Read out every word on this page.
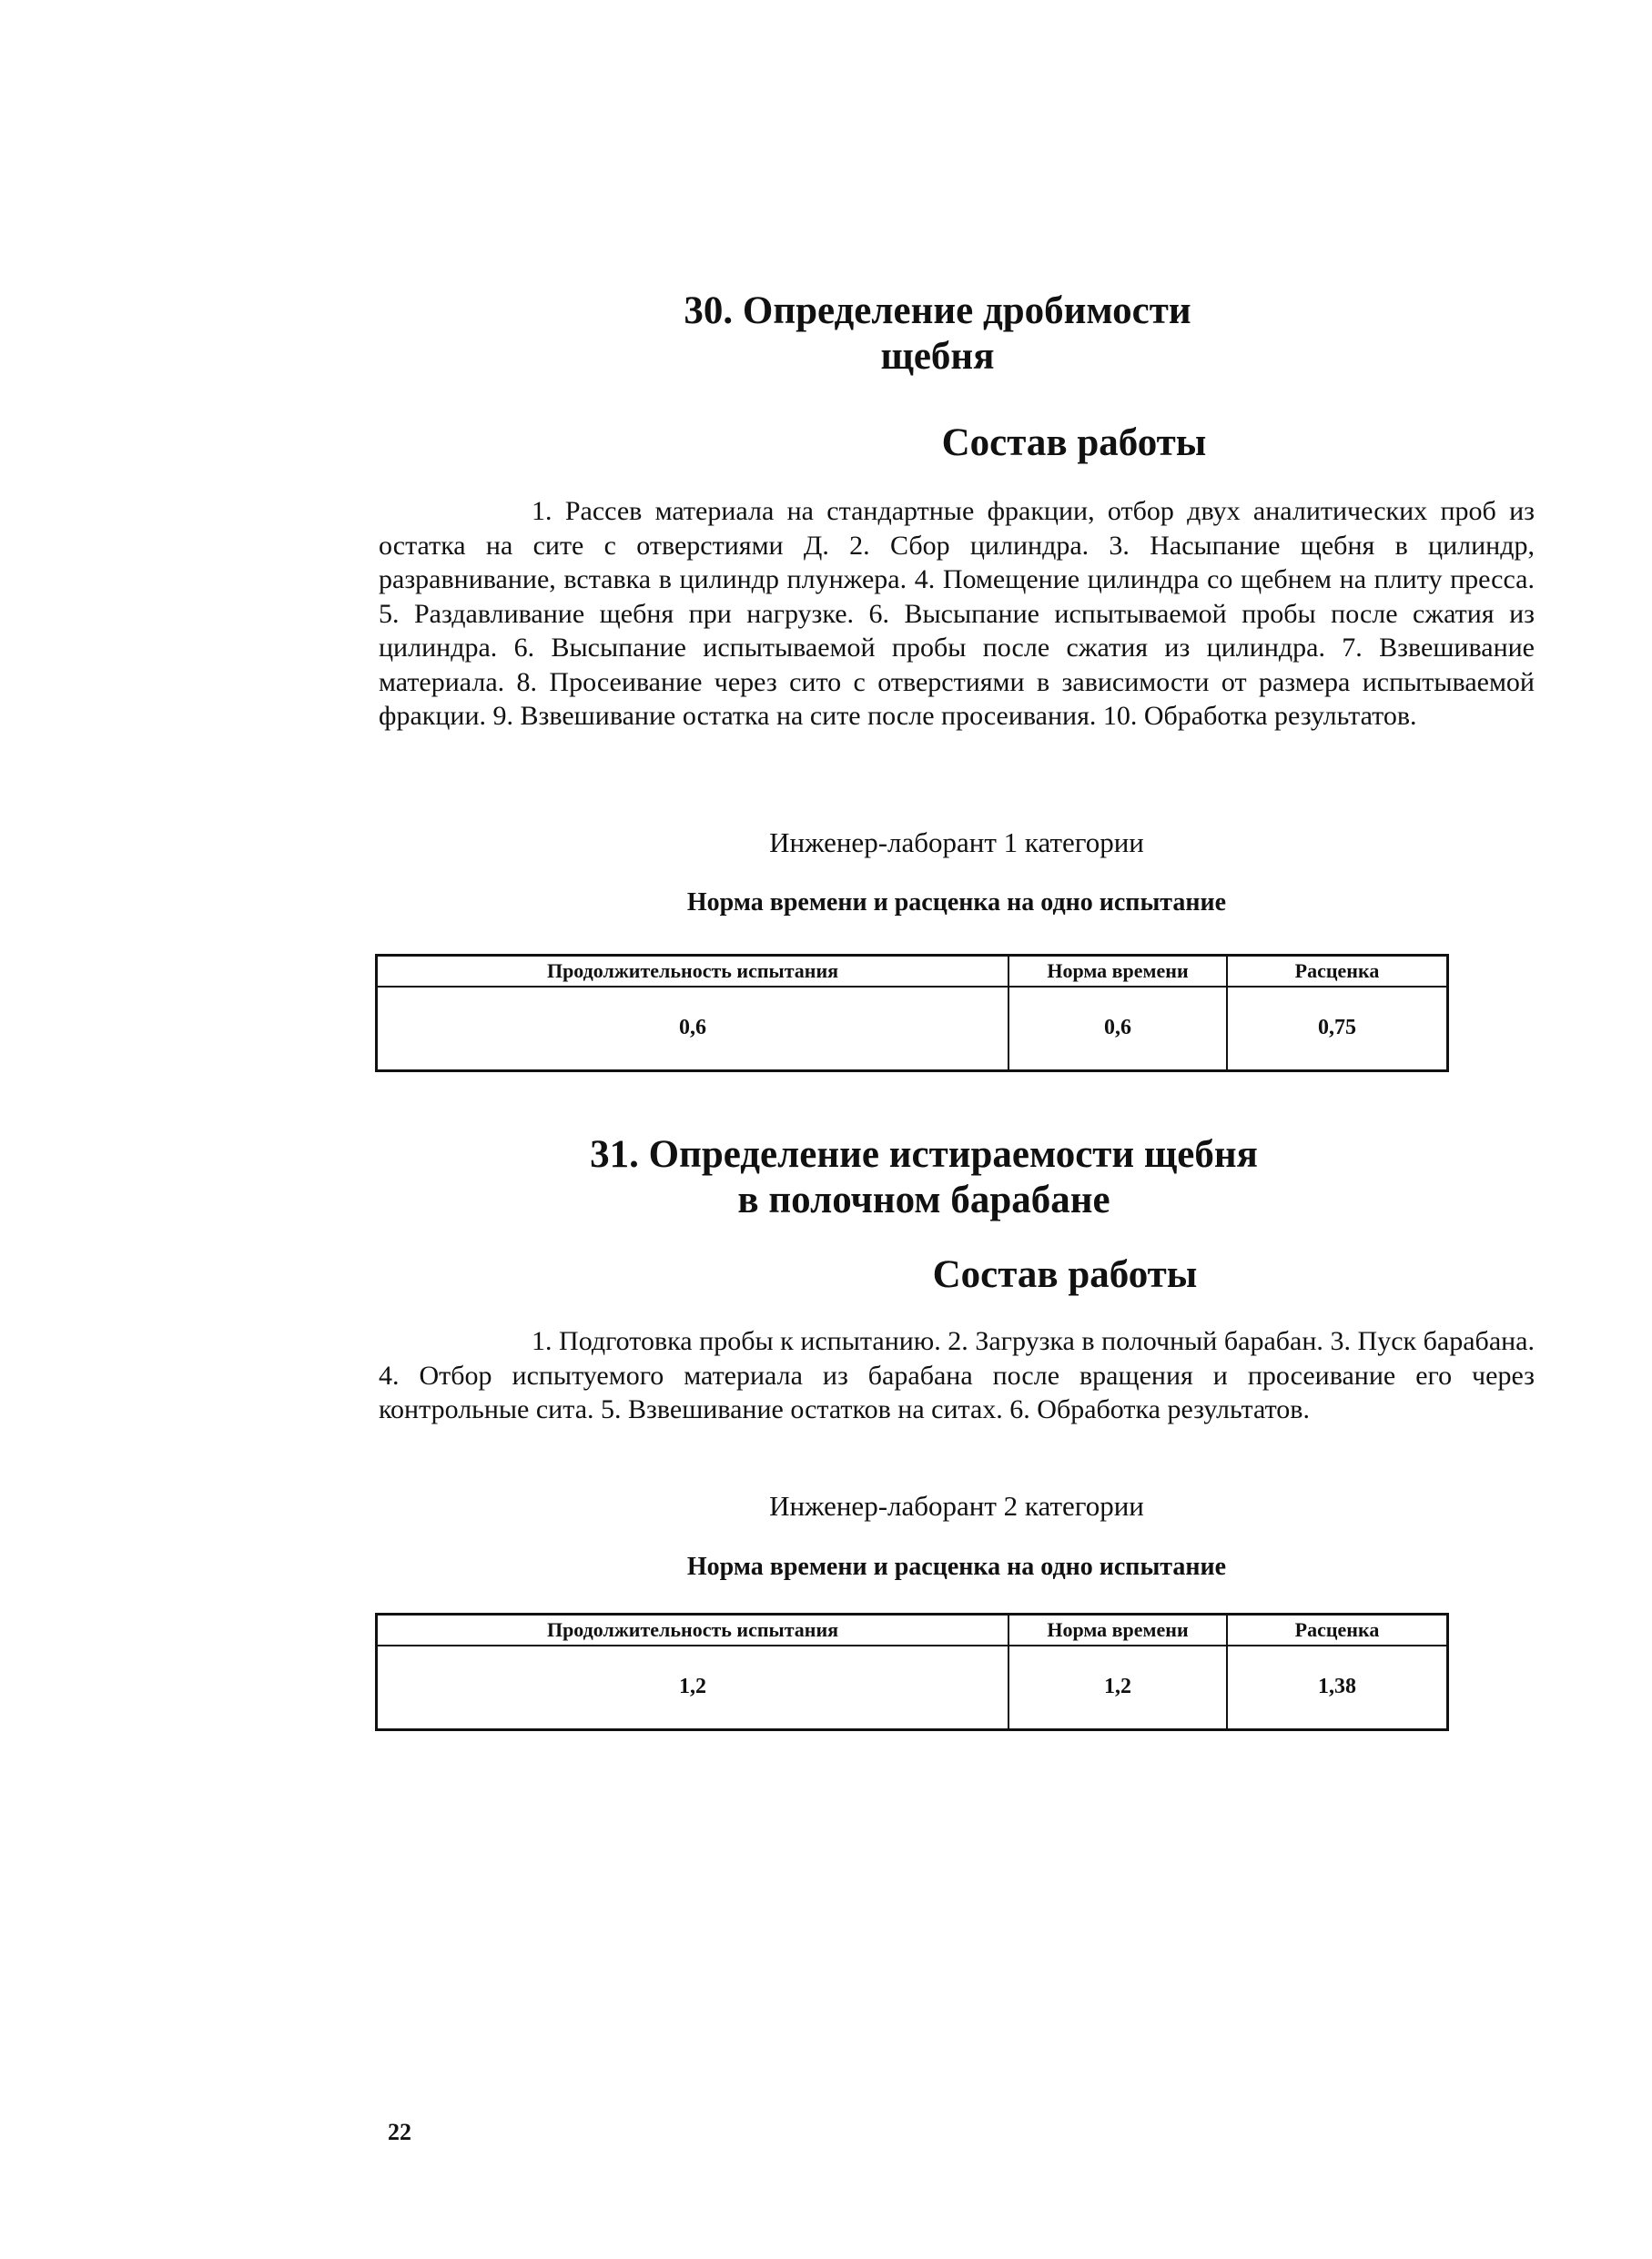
30. Определение дробимости
щебня
Состав работы

1. Рассев материала на стандартные фракции, отбор двух аналитических проб из остатка на сите с отверстиями Д. 2. Сбор цилиндра. 3. Насыпание щебня в цилиндр, разравнивание, вставка в цилиндр плунжера. 4. Помещение цилиндра со щебнем на плиту пресса. 5. Раздавливание щебня при нагрузке. 6. Высыпание испытываемой пробы после сжатия из цилиндра. 6. Высыпание испытываемой пробы после сжатия из цилиндра. 7. Взвешивание материала. 8. Просеивание через сито с отверстиями в зависимости от размера испытываемой фракции. 9. Взвешивание остатка на сите после просеивания. 10. Обработка результатов.

Инженер-лаборант 1 категории

Норма времени и расценка на одно испытание

Продолжительность испытания	Норма времени	Расценка
0,6	0,6	0,75
31. Определение истираемости щебня
в полочном барабане
Состав работы

1. Подготовка пробы к испытанию. 2. Загрузка в полочный барабан. 3. Пуск барабана. 4. Отбор испытуемого материала из барабана после вращения и просеивание его через контрольные сита. 5. Взвешивание остатков на ситах. 6. Обработка результатов.

Инженер-лаборант 2 категории

Норма времени и расценка на одно испытание

Продолжительность испытания	Норма времени	Расценка
1,2	1,2	1,38

22
